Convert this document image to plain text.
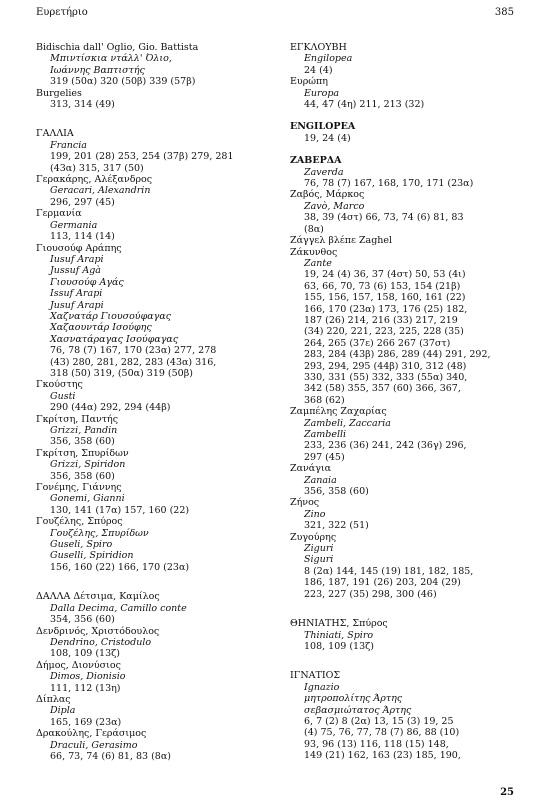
Ευρετήριο	385
Bidischia dall' Oglio, Gio. Battista
Μπιντίσκια ντάλλ' Όλιο,
Ιωάννης Βαπτιστής
319 (50α) 320 (50β) 339 (57β)
Burgelies
313, 314 (49)
ΓΑΛΛΙΑ
Francia
199, 201 (28) 253, 254 (37β) 279, 281
(43α) 315, 317 (50)
Γερακάρης, Αλέξανδρος
Geracari, Alexandrin
296, 297 (45)
Γερμανία
Germania
113, 114 (14)
Γιουσούφ Αράπης
Iusuf Arapi
Jussuf Agà
Γιουσούφ Αγάς
Issuf Arapi
Jusuf Arapi
Χαζνατάρ Γιουσούφαγας
Χαζαουντάρ Ισούφης
Χασνατάραγας Ισούφαγας
76, 78 (7) 167, 170 (23α) 277, 278
(43) 280, 281, 282, 283 (43α) 316,
318 (50) 319, (50α) 319 (50β)
Γκούστης
Gusti
290 (44α) 292, 294 (44β)
Γκρίτση, Παντής
Grizzi, Pandin
356, 358 (60)
Γκρίτση, Σπυρίδων
Grizzi, Spiridon
356, 358 (60)
Γονέμης, Γιάννης
Gonemi, Gianni
130, 141 (17α) 157, 160 (22)
Γουζέλης, Σπύρος
Γουζέλης, Σπυρίδων
Guseli, Spiro
Guselli, Spiridion
156, 160 (22) 166, 170 (23α)
ΔΑΛΛΑ Δέτσιμα, Καμίλος
Dalla Decima, Camillo conte
354, 356 (60)
Δενδρινός, Χριστόδουλος
Dendrino, Cristodulo
108, 109 (13ζ)
Δήμος, Διονύσιος
Dimos, Dionisio
111, 112 (13η)
Δίπλας
Dipla
165, 169 (23α)
Δρακούλης, Γεράσιμος
Draculi, Gerasimo
66, 73, 74 (6) 81, 83 (8α)
ΕΓΚΛΟΥΒΗ
Engilopea
24 (4)
Ευρώπη
Europa
44, 47 (4η) 211, 213 (32)
ENGILOPEA
19, 24 (4)
ΖΑΒΕΡΔΑ
Zaverda
76, 78 (7) 167, 168, 170, 171 (23α)
Ζαβός, Μάρκος
Zavò, Marco
38, 39 (4στ) 66, 73, 74 (6) 81, 83
(8α)
Ζάγγελ βλέπε Zaghel
Ζάκυνθος
Zante
19, 24 (4) 36, 37 (4στ) 50, 53 (4ι)
63, 66, 70, 73 (6) 153, 154 (21β)
155, 156, 157, 158, 160, 161 (22)
166, 170 (23α) 173, 176 (25) 182,
187 (26) 214, 216 (33) 217, 219
(34) 220, 221, 223, 225, 228 (35)
264, 265 (37ε) 266 267 (37στ)
283, 284 (43β) 286, 289 (44) 291, 292,
293, 294, 295 (44β) 310, 312 (48)
330, 331 (55) 332, 333 (55α) 340,
342 (58) 355, 357 (60) 366, 367,
368 (62)
Ζαμπέλης Ζαχαρίας
Zambeli, Zaccaria
Zambelli
233, 236 (36) 241, 242 (36γ) 296,
297 (45)
Ζανάγια
Zanaia
356, 358 (60)
Ζήνος
Zino
321, 322 (51)
Ζυγούρης
Ziguri
Siguri
8 (2α) 144, 145 (19) 181, 182, 185,
186, 187, 191 (26) 203, 204 (29)
223, 227 (35) 298, 300 (46)
ΘΗΝΙΑΤΗΣ, Σπύρος
Thiniati, Spiro
108, 109 (13ζ)
ΙΓΝΑΤΙΟΣ
Ignazio
μητροπολίτης Άρτης
σεβασμιώτατος Άρτης
6, 7 (2) 8 (2α) 13, 15 (3) 19, 25
(4) 75, 76, 77, 78 (7) 86, 88 (10)
93, 96 (13) 116, 118 (15) 148,
149 (21) 162, 163 (23) 185, 190,
25
